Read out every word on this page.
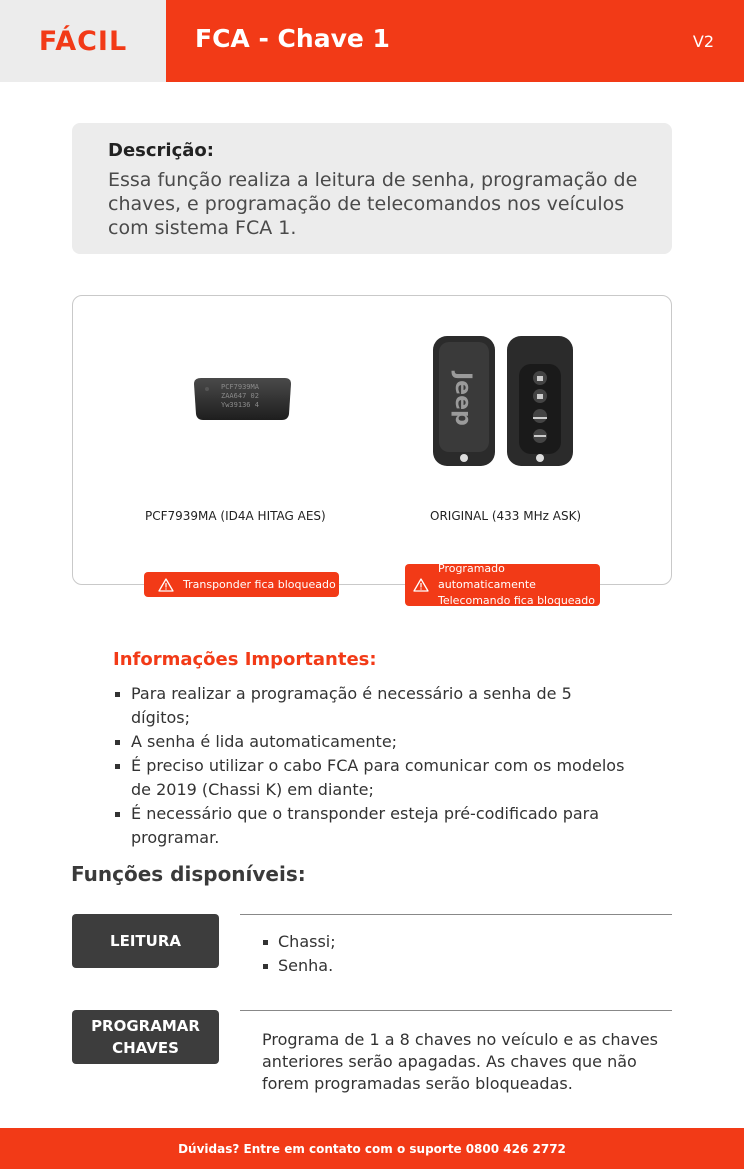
FÁCIL	FCA - Chave 1	V2
Descrição:
Essa função realiza a leitura de senha, programação de chaves, e programação de telecomandos nos veículos com sistema FCA 1.
PCF7939MA
ZAA647 02
Yw39136 4	Jeep
PCF7939MA (ID4A HITAG AES)	ORIGINAL (433 MHz ASK)
Transponder fica bloqueado
Programado automaticamente
Telecomando fica bloqueado
Informações Importantes:
Para realizar a programação é necessário a senha de 5 dígitos;
A senha é lida automaticamente;
É preciso utilizar o cabo FCA para comunicar com os modelos de 2019 (Chassi K) em diante;
É necessário que o transponder esteja pré-codificado para programar.
Funções disponíveis:
LEITURA	Chassi;
Senha.
PROGRAMAR
CHAVES	Programa de 1 a 8 chaves no veículo e as chaves anteriores serão apagadas. As chaves que não forem programadas serão bloqueadas.
Dúvidas? Entre em contato com o suporte 0800 426 2772
